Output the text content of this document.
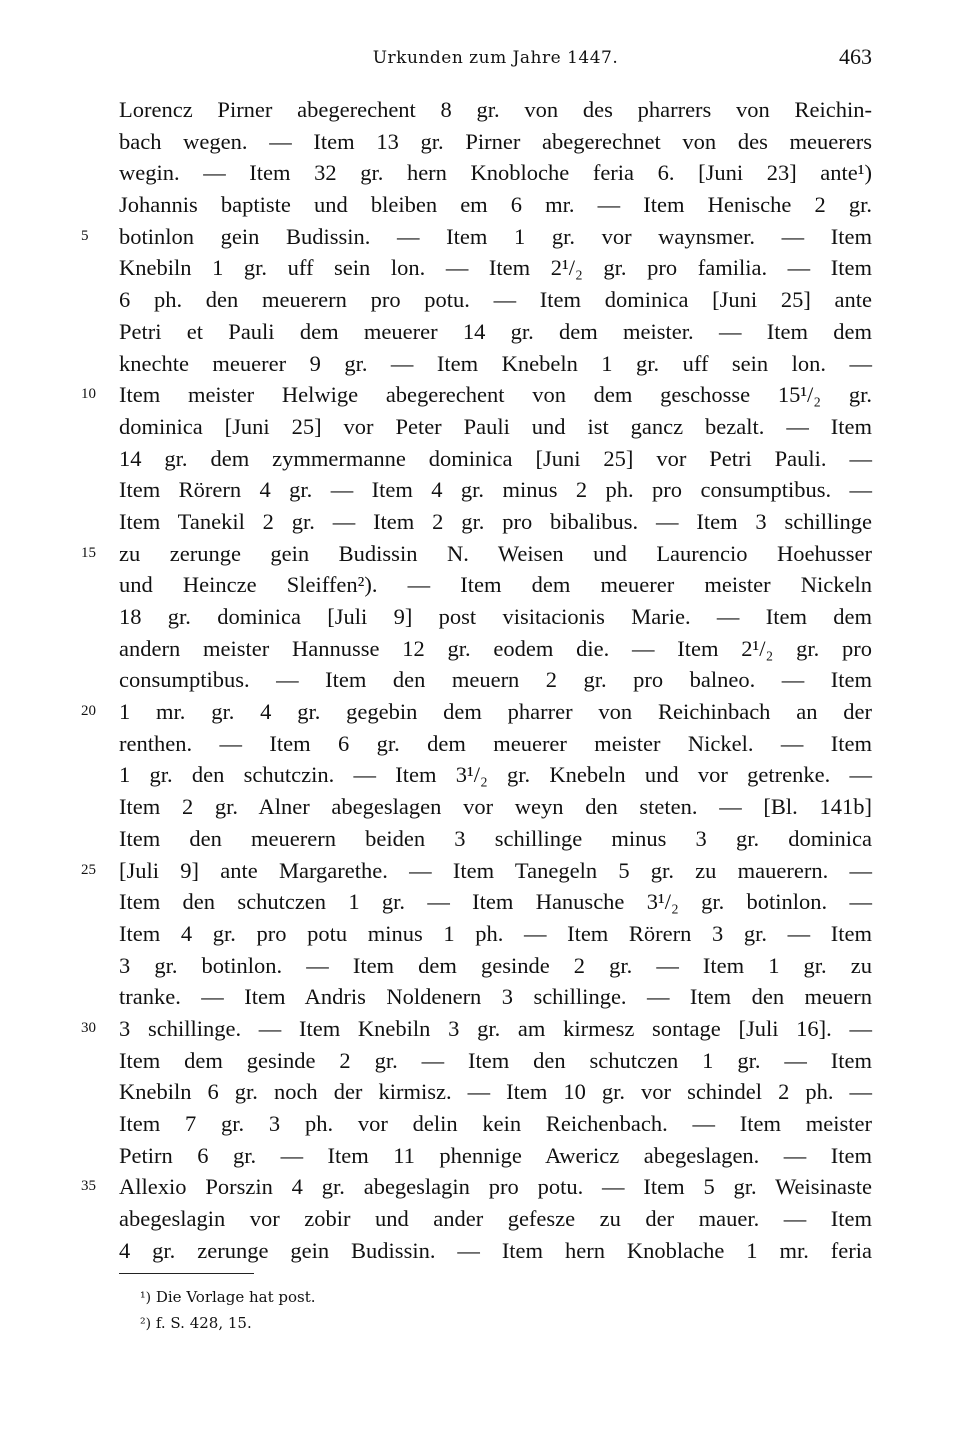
Urkunden zum Jahre 1447.	463
Lorencz Pirner abegerechent 8 gr. von des pharrers von Reichin-
bach wegen. — Item 13 gr. Pirner abegerechnet von des meuerers
wegin. — Item 32 gr. hern Knobloche feria 6. [Juni 23] ante¹)
Johannis baptiste und bleiben em 6 mr. — Item Henische 2 gr.
5	botinlon gein Budissin. — Item 1 gr. vor waynsmer. — Item
Knebiln 1 gr. uff sein lon. — Item 2¹/₂ gr. pro familia. — Item
6 ph. den meuerern pro potu. — Item dominica [Juni 25] ante
Petri et Pauli dem meuerer 14 gr. dem meister. — Item dem
knechte meuerer 9 gr. — Item Knebeln 1 gr. uff sein lon. —
10	Item meister Helwige abegerechent von dem geschosse 15¹/₂ gr.
dominica [Juni 25] vor Peter Pauli und ist gancz bezalt. — Item
14 gr. dem zymmermanne dominica [Juni 25] vor Petri Pauli. —
Item Rörern 4 gr. — Item 4 gr. minus 2 ph. pro consumptibus. —
Item Tanekil 2 gr. — Item 2 gr. pro bibalibus. — Item 3 schillinge
15	zu zerunge gein Budissin N. Weisen und Laurencio Hoehusser
und Heincze Sleiffen²). — Item dem meuerer meister Nickeln
18 gr. dominica [Juli 9] post visitacionis Marie. — Item dem
andern meister Hannusse 12 gr. eodem die. — Item 2¹/₂ gr. pro
consumptibus. — Item den meuern 2 gr. pro balneo. — Item
20	1 mr. gr. 4 gr. gegebin dem pharrer von Reichinbach an der
renthen. — Item 6 gr. dem meuerer meister Nickel. — Item
1 gr. den schutczin. — Item 3¹/₂ gr. Knebeln und vor getrenke. —
Item 2 gr. Alner abegeslagen vor weyn den steten. — [Bl. 141b]
Item den meuerern beiden 3 schillinge minus 3 gr. dominica
25	[Juli 9] ante Margarethe. — Item Tanegeln 5 gr. zu mauerern. —
Item den schutczen 1 gr. — Item Hanusche 3¹/₂ gr. botinlon. —
Item 4 gr. pro potu minus 1 ph. — Item Rörern 3 gr. — Item
3 gr. botinlon. — Item dem gesinde 2 gr. — Item 1 gr. zu
tranke. — Item Andris Noldenern 3 schillinge. — Item den meuern
30	3 schillinge. — Item Knebiln 3 gr. am kirmesz sontage [Juli 16]. —
Item dem gesinde 2 gr. — Item den schutczen 1 gr. — Item
Knebiln 6 gr. noch der kirmisz. — Item 10 gr. vor schindel 2 ph. —
Item 7 gr. 3 ph. vor delin kein Reichenbach. — Item meister
Petirn 6 gr. — Item 11 phennige Awericz abegeslagen. — Item
35	Allexio Porszin 4 gr. abegeslagin pro potu. — Item 5 gr. Weisinaste
abegeslagin vor zobir und ander gefesze zu der mauer. — Item
4 gr. zerunge gein Budissin. — Item hern Knoblache 1 mr. feria
¹) Die Vorlage hat post.
²) f. S. 428, 15.
